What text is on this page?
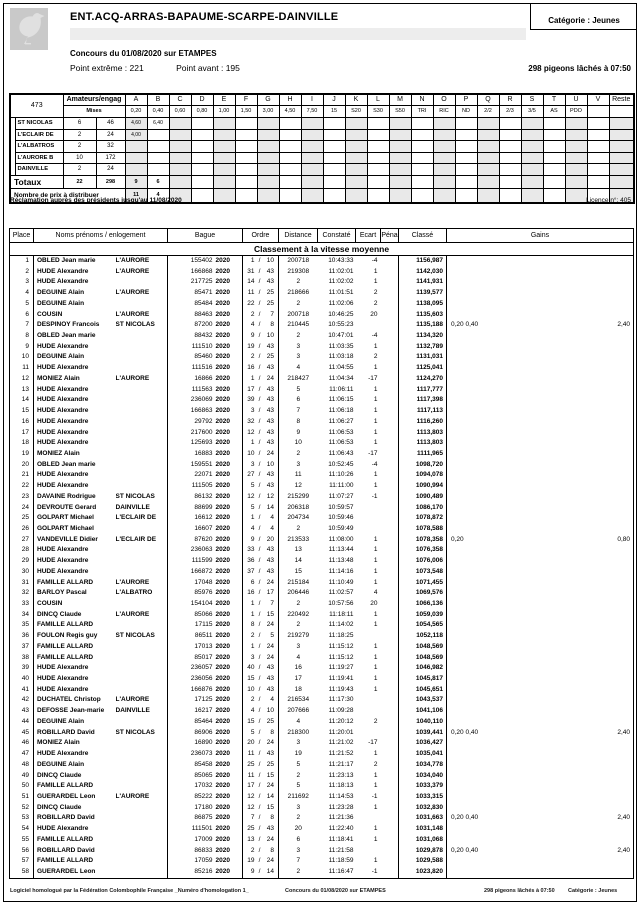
ENT.ACQ-ARRAS-BAPAUME-SCARPE-DAINVILLE	Catégorie : Jeunes
Concours du 01/08/2020 sur ETAMPES
Point extrême : 221	Point avant : 195	298 pigeons lâchés à 07:50
473		Amateurs/engag		A	B	C	D	E	F	G	H	I	J	K	L	M	N	O	P	Q	R	S	T	U	V	Reste
		Mises		0,20	0,40	0,60	0,80	1,00	1,50	3,00	4,50	7,50	15	S20	S30	S50	TRI	RIC	ND	2/2	2/3	3/5	AS	PDO		
	ST NICOLAS	6	46	4,60	6,40																					
	L'ECLAIR DE	2	24	4,00																						
	L'ALBATROS	2	32																							
	L'AURORE B	10	172																							
	DAINVILLE	2	24																							
Totaux		22	298	9	6																					
Nombre de prix à distribuer				11	4																					
Réclamation auprès des présidents jusqu'au 11/08/2020	Licence n°: 405
Place	Noms prénoms / enlogement		Bague		Ordre			Distance	Constaté	Ecart	Péna	Classé	Gains	
Classement à la vitesse moyenne														
1	OBLED Jean marie	L'AURORE	155402	2020	1	/	10	200718	10:43:33	-4		1156,987		
2	HUDE Alexandre	L'AURORE	166868	2020	31	/	43	219308	11:02:01	1		1142,030		
3	HUDE Alexandre		217725	2020	14	/	43	2	11:02:02	1		1141,931		
4	DEGUINE Alain	L'AURORE	85471	2020	11	/	25	218666	11:01:51	2		1139,577		
5	DEGUINE Alain		85484	2020	22	/	25	2	11:02:06	2		1138,095		
6	COUSIN	L'AURORE	88463	2020	2	/	7	200718	10:46:25	20		1135,603		
7	DESPINOY Francois	ST NICOLAS	87200	2020	4	/	8	210445	10:55:23			1135,188	0,20 0,40	2,40
8	OBLED Jean marie		88432	2020	9	/	10	2	10:47:01	-4		1134,320		
9	HUDE Alexandre		111510	2020	19	/	43	3	11:03:35	1		1132,789		
10	DEGUINE Alain		85460	2020	2	/	25	3	11:03:18	2		1131,031		
11	HUDE Alexandre		111516	2020	16	/	43	4	11:04:55	1		1125,041		
12	MONIEZ Alain	L'AURORE	16866	2020	1	/	24	218427	11:04:34	-17		1124,270		
13	HUDE Alexandre		111563	2020	17	/	43	5	11:06:11	1		1117,777		
14	HUDE Alexandre		236069	2020	39	/	43	6	11:06:15	1		1117,398		
15	HUDE Alexandre		166863	2020	3	/	43	7	11:06:18	1		1117,113		
16	HUDE Alexandre		29792	2020	32	/	43	8	11:06:27	1		1116,260		
17	HUDE Alexandre		217600	2020	12	/	43	9	11:06:53	1		1113,803		
18	HUDE Alexandre		125693	2020	1	/	43	10	11:06:53	1		1113,803		
19	MONIEZ Alain		16883	2020	10	/	24	2	11:06:43	-17		1111,965		
20	OBLED Jean marie		159551	2020	3	/	10	3	10:52:45	-4		1098,720		
21	HUDE Alexandre		22071	2020	27	/	43	11	11:10:26	1		1094,078		
22	HUDE Alexandre		111505	2020	5	/	43	12	11:11:00	1		1090,994		
23	DAVAINE Rodrigue	ST NICOLAS	86132	2020	12	/	12	215299	11:07:27	-1		1090,489		
24	DEVROUTE Gerard	DAINVILLE	88699	2020	5	/	14	206318	10:59:57			1086,170		
25	GOLPART Michael	L'ECLAIR DE	16612	2020	1	/	4	204734	10:59:46			1078,872		
26	GOLPART Michael		16607	2020	4	/	4	2	10:59:49			1078,588		
27	VANDEVILLE Didier	L'ECLAIR DE	87620	2020	9	/	20	213533	11:08:00	1		1078,358	0,20	0,80
28	HUDE Alexandre		236063	2020	33	/	43	13	11:13:44	1		1076,358		
29	HUDE Alexandre		111599	2020	36	/	43	14	11:13:48	1		1076,006		
30	HUDE Alexandre		166872	2020	37	/	43	15	11:14:16	1		1073,548		
31	FAMILLE ALLARD	L'AURORE	17048	2020	6	/	24	215184	11:10:49	1		1071,455		
32	BARLOY Pascal	L'ALBATRO	85976	2020	16	/	17	206446	11:02:57	4		1069,576		
33	COUSIN		154104	2020	1	/	7	2	10:57:56	20		1066,136		
34	DINCQ Claude	L'AURORE	85066	2020	1	/	15	220492	11:18:11	1		1059,039		
35	FAMILLE ALLARD		17115	2020	8	/	24	2	11:14:02	1		1054,565		
36	FOULON Regis guy	ST NICOLAS	86511	2020	2	/	5	219279	11:18:25			1052,118		
37	FAMILLE ALLARD		17013	2020	1	/	24	3	11:15:12	1		1048,569		
38	FAMILLE ALLARD		85017	2020	3	/	24	4	11:15:12	1		1048,569		
39	HUDE Alexandre		236057	2020	40	/	43	16	11:19:27	1		1046,982		
40	HUDE Alexandre		236056	2020	15	/	43	17	11:19:41	1		1045,817		
41	HUDE Alexandre		166876	2020	10	/	43	18	11:19:43	1		1045,651		
42	DUCHATEL Christop	L'AURORE	17125	2020	2	/	4	216534	11:17:30			1043,537		
43	DEFOSSE Jean-marie	DAINVILLE	16217	2020	4	/	10	207666	11:09:28			1041,106		
44	DEGUINE Alain		85464	2020	15	/	25	4	11:20:12	2		1040,110		
45	ROBILLARD David	ST NICOLAS	86906	2020	5	/	8	218300	11:20:01			1039,441	0,20 0,40	2,40
46	MONIEZ Alain		16890	2020	20	/	24	3	11:21:02	-17		1036,427		
47	HUDE Alexandre		236073	2020	11	/	43	19	11:21:52	1		1035,041		
48	DEGUINE Alain		85458	2020	25	/	25	5	11:21:17	2		1034,778		
49	DINCQ Claude		85065	2020	11	/	15	2	11:23:13	1		1034,040		
50	FAMILLE ALLARD		17032	2020	17	/	24	5	11:18:13	1		1033,379		
51	GUERARDEL Leon	L'AURORE	85222	2020	12	/	14	211692	11:14:53	-1		1033,315		
52	DINCQ Claude		17180	2020	12	/	15	3	11:23:28	1		1032,830		
53	ROBILLARD David		86875	2020	7	/	8	2	11:21:36			1031,663	0,20 0,40	2,40
54	HUDE Alexandre		111501	2020	25	/	43	20	11:22:40	1		1031,148		
55	FAMILLE ALLARD		17009	2020	13	/	24	6	11:18:41	1		1031,068		
56	ROBILLARD David		86833	2020	2	/	8	3	11:21:58			1029,878	0,20 0,40	2,40
57	FAMILLE ALLARD		17059	2020	19	/	24	7	11:18:59	1		1029,588		
58	GUERARDEL Leon		85216	2020	9	/	14	2	11:16:47	-1		1023,820		
Logiciel homologué par la Fédération Colombophile Française _Numéro d'homologation 1_	Concours du 01/08/2020 sur ETAMPES	298 pigeons lâchés à 07:50 Catégorie : Jeunes
